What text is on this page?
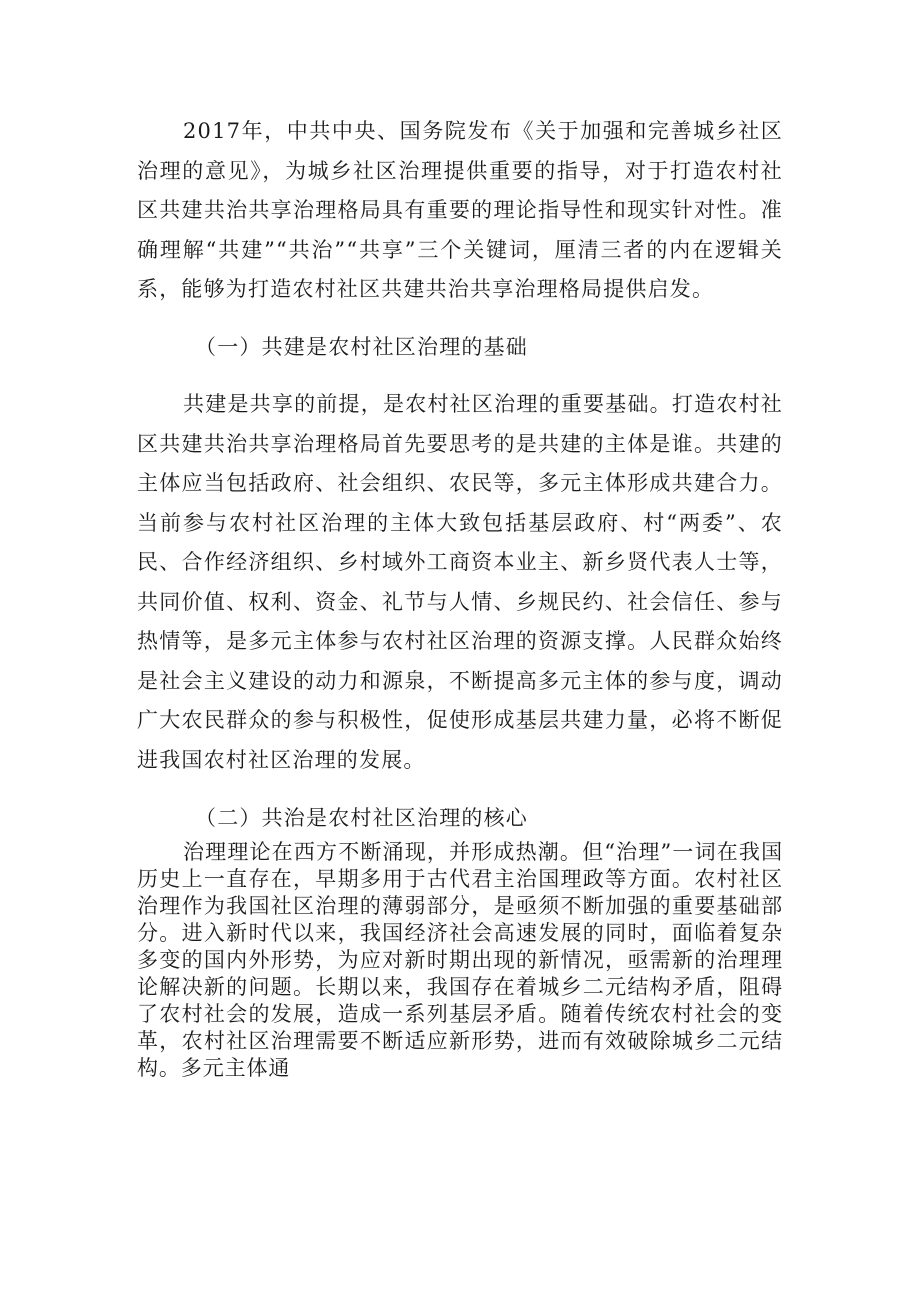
2017年，中共中央、国务院发布《关于加强和完善城乡社区治理的意见》，为城乡社区治理提供重要的指导，对于打造农村社区共建共治共享治理格局具有重要的理论指导性和现实针对性。准确理解“共建”“共治”“共享”三个关键词，厘清三者的内在逻辑关系，能够为打造农村社区共建共治共享治理格局提供启发。

（一）共建是农村社区治理的基础

共建是共享的前提，是农村社区治理的重要基础。打造农村社区共建共治共享治理格局首先要思考的是共建的主体是谁。共建的主体应当包括政府、社会组织、农民等，多元主体形成共建合力。当前参与农村社区治理的主体大致包括基层政府、村“两委”、农民、合作经济组织、乡村域外工商资本业主、新乡贤代表人士等，共同价值、权利、资金、礼节与人情、乡规民约、社会信任、参与热情等，是多元主体参与农村社区治理的资源支撑。人民群众始终是社会主义建设的动力和源泉，不断提高多元主体的参与度，调动广大农民群众的参与积极性，促使形成基层共建力量，必将不断促进我国农村社区治理的发展。

（二）共治是农村社区治理的核心

治理理论在西方不断涌现，并形成热潮。但“治理”一词在我国历史上一直存在，早期多用于古代君主治国理政等方面。农村社区治理作为我国社区治理的薄弱部分，是亟须不断加强的重要基础部分。进入新时代以来，我国经济社会高速发展的同时，面临着复杂多变的国内外形势，为应对新时期出现的新情况，亟需新的治理理论解决新的问题。长期以来，我国存在着城乡二元结构矛盾，阻碍了农村社会的发展，造成一系列基层矛盾。随着传统农村社会的变革，农村社区治理需要不断适应新形势，进而有效破除城乡二元结构。多元主体通
